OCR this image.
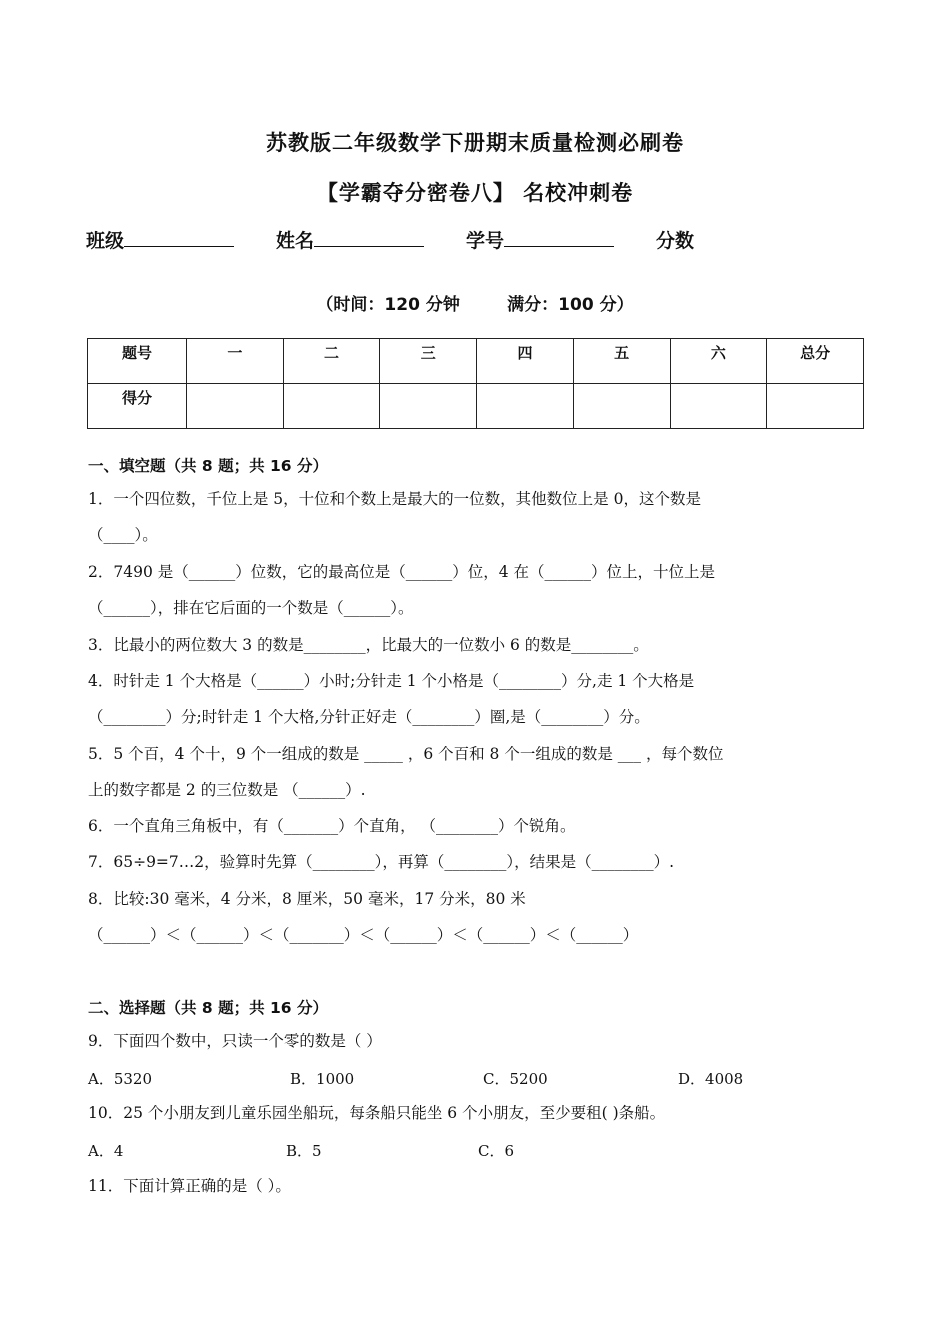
苏教版二年级数学下册期末质量检测必刷卷
【学霸夺分密卷八】 名校冲刺卷
班级	姓名	学号	分数
（时间：120 分钟        满分：100 分）
题号	一	二	三	四	五	六	总分
得分							
一、填空题（共 8 题；共 16 分）
1．一个四位数，千位上是 5，十位和个数上是最大的一位数，其他数位上是 0，这个数是
（____）。
2．7490 是（______）位数，它的最高位是（______）位，4 在（______）位上，十位上是
（______），排在它后面的一个数是（______）。
3．比最小的两位数大 3 的数是________，比最大的一位数小 6 的数是________。
4．时针走 1 个大格是（______）小时;分针走 1 个小格是（________）分,走 1 个大格是
（________）分;时针走 1 个大格,分针正好走（________）圈,是（________）分。
5．5 个百，4 个十，9 个一组成的数是 _____ ，6 个百和 8 个一组成的数是 ___ ，每个数位
上的数字都是 2 的三位数是 （______）.
6．一个直角三角板中，有（_______）个直角， （________）个锐角。
7．65÷9=7…2，验算时先算（________），再算（________），结果是（________）.
8．比较:30 毫米，4 分米，8 厘米，50 毫米，17 分米，80 米
（______）＜（______）＜（_______）＜（______）＜（______）＜（______）
二、选择题（共 8 题；共 16 分）
9．下面四个数中，只读一个零的数是（ ）
A．5320	B．1000	C．5200	D．4008
10．25 个小朋友到儿童乐园坐船玩，每条船只能坐 6 个小朋友，至少要租( )条船。
A．4	B．5	C．6
11．下面计算正确的是（ ）。
